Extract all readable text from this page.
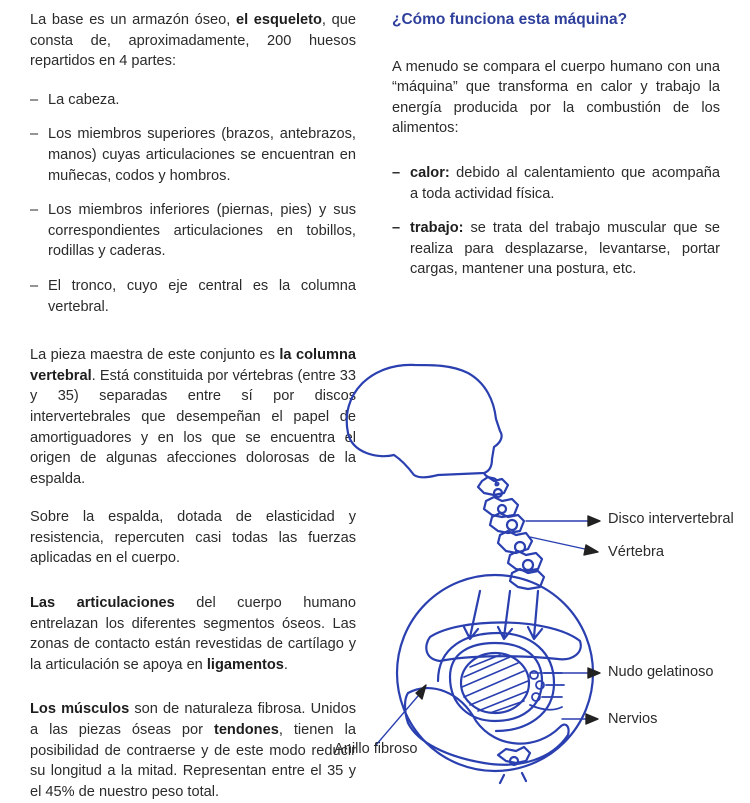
La base es un armazón óseo, el esqueleto, que consta de, aproximadamente, 200 huesos repartidos en 4 partes:

– La cabeza.
– Los miembros superiores (brazos, antebrazos, manos) cuyas articulaciones se encuentran en muñecas, codos y hombros.
– Los miembros inferiores (piernas, pies) y sus correspondientes articulaciones en tobillos, rodillas y caderas.
– El tronco, cuyo eje central es la columna vertebral.

La pieza maestra de este conjunto es la columna vertebral. Está constituida por vértebras (entre 33 y 35) separadas entre sí por discos intervertebrales que desempeñan el papel de amortiguadores y en los que se encuentra el origen de algunas afecciones dolorosas de la espalda.

Sobre la espalda, dotada de elasticidad y resistencia, repercuten casi todas las fuerzas aplicadas en el cuerpo.

Las articulaciones del cuerpo humano entrelazan los diferentes segmentos óseos. Las zonas de contacto están revestidas de cartílago y la articulación se apoya en ligamentos.

Los músculos son de naturaleza fibrosa. Unidos a las piezas óseas por tendones, tienen la posibilidad de contraerse y de este modo reducir su longitud a la mitad. Representan entre el 35 y el 45% de nuestro peso total.

¿Cómo funciona esta máquina?

A menudo se compara el cuerpo humano con una “máquina” que transforma en calor y trabajo la energía producida por la combustión de los alimentos:

– calor: debido al calentamiento que acompaña a toda actividad física.
– trabajo: se trata del trabajo muscular que se realiza para desplazarse, levantarse, portar cargas, mantener una postura, etc.
Disco intervertebral
Vértebra
Nudo gelatinoso
Nervios
Anillo fibroso
